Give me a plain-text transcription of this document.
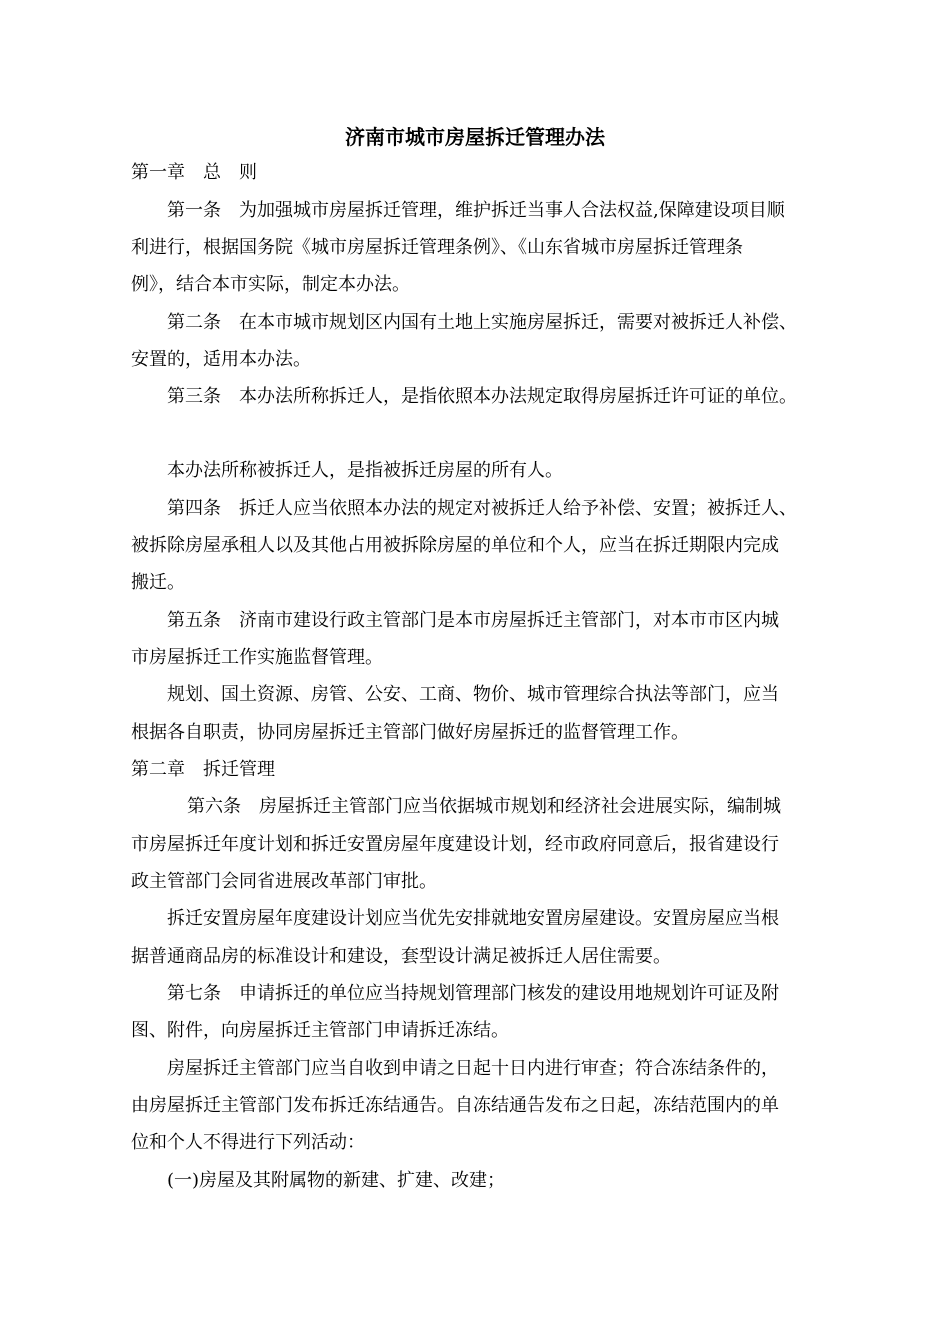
济南市城市房屋拆迁管理办法
第一章　总　则
第一条　为加强城市房屋拆迁管理，维护拆迁当事人合法权益,保障建设项目顺
利进行，根据国务院《城市房屋拆迁管理条例》、《山东省城市房屋拆迁管理条
例》，结合本市实际，制定本办法。
第二条　在本市城市规划区内国有土地上实施房屋拆迁，需要对被拆迁人补偿、
安置的，适用本办法。
第三条　本办法所称拆迁人，是指依照本办法规定取得房屋拆迁许可证的单位。
本办法所称被拆迁人，是指被拆迁房屋的所有人。
第四条　拆迁人应当依照本办法的规定对被拆迁人给予补偿、安置；被拆迁人、
被拆除房屋承租人以及其他占用被拆除房屋的单位和个人，应当在拆迁期限内完成
搬迁。
第五条　济南市建设行政主管部门是本市房屋拆迁主管部门，对本市市区内城
市房屋拆迁工作实施监督管理。
规划、国土资源、房管、公安、工商、物价、城市管理综合执法等部门，应当
根据各自职责，协同房屋拆迁主管部门做好房屋拆迁的监督管理工作。
第二章　拆迁管理
第六条　房屋拆迁主管部门应当依据城市规划和经济社会进展实际，编制城
市房屋拆迁年度计划和拆迁安置房屋年度建设计划，经市政府同意后，报省建设行
政主管部门会同省进展改革部门审批。
拆迁安置房屋年度建设计划应当优先安排就地安置房屋建设。安置房屋应当根
据普通商品房的标准设计和建设，套型设计满足被拆迁人居住需要。
第七条　申请拆迁的单位应当持规划管理部门核发的建设用地规划许可证及附
图、附件，向房屋拆迁主管部门申请拆迁冻结。
房屋拆迁主管部门应当自收到申请之日起十日内进行审查；符合冻结条件的，
由房屋拆迁主管部门发布拆迁冻结通告。自冻结通告发布之日起，冻结范围内的单
位和个人不得进行下列活动：
(一)房屋及其附属物的新建、扩建、改建；
